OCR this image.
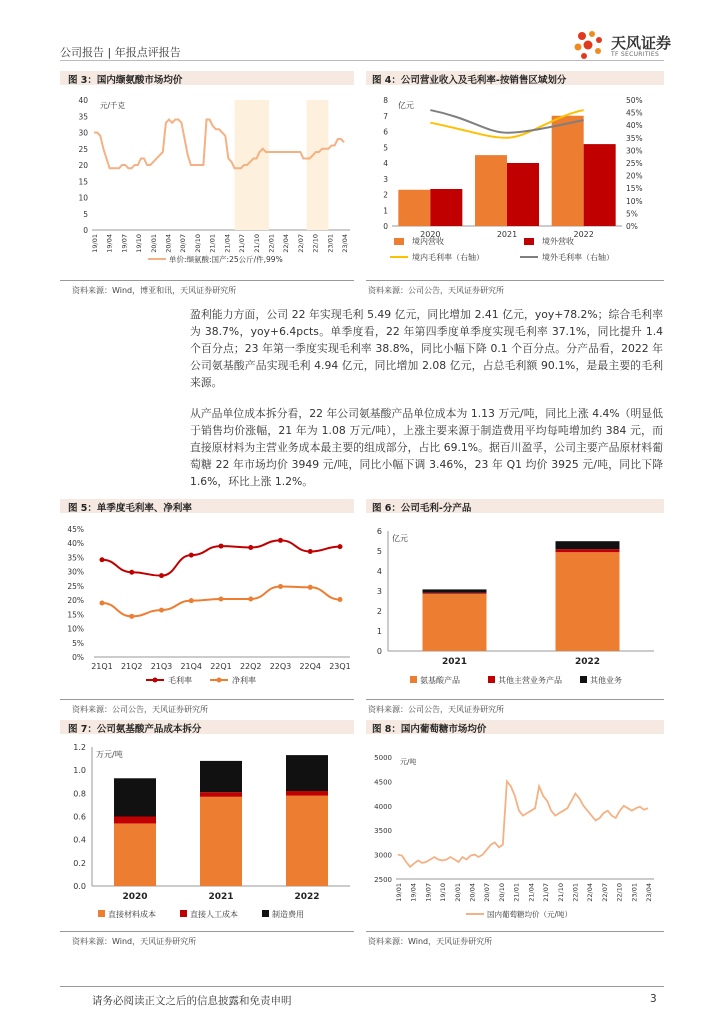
公司报告 | 年报点评报告
天风证券
TF SECURITIES
图 3：国内缬氨酸市场均价
0
5
10
15
20
25
30
35
40
元/千克
19/01 19/04 19/07 19/10 20/01 20/04 20/07 20/10 21/01 21/04 21/07 21/10 22/01 22/04 22/07 22/10 23/01 23/04
单价:缬氨酸:国产:25公斤/件,99%
资料来源：Wind，博亚和讯，天风证券研究所
图 4：公司营业收入及毛利率-按销售区域划分
0
1
2
3
4
5
6
7
8
0%
5%
10%
15%
20%
25%
30%
35%
40%
45%
50%
亿元
2020	2021	2022
境内营收	境外营收
境内毛利率（右轴）	境外毛利率（右轴）
资料来源：公司公告，天风证券研究所

盈利能力方面，公司 22 年实现毛利 5.49 亿元，同比增加 2.41 亿元，yoy+78.2%；综合毛利率为 38.7%，yoy+6.4pcts。单季度看，22 年第四季度单季度实现毛利率 37.1%，同比提升 1.4 个百分点；23 年第一季度实现毛利率 38.8%，同比小幅下降 0.1 个百分点。分产品看，2022 年公司氨基酸产品实现毛利 4.94 亿元，同比增加 2.08 亿元，占总毛利额 90.1%，是最主要的毛利来源。

从产品单位成本拆分看，22 年公司氨基酸产品单位成本为 1.13 万元/吨，同比上涨 4.4%（明显低于销售均价涨幅，21 年为 1.08 万元/吨），上涨主要来源于制造费用平均每吨增加约 384 元，而直接原材料为主营业务成本最主要的组成部分，占比 69.1%。据百川盈孚，公司主要产品原材料葡萄糖 22 年市场均价 3949 元/吨，同比小幅下调 3.46%，23 年 Q1 均价 3925 元/吨，同比下降 1.6%，环比上涨 1.2%。

图 5：单季度毛利率、净利率
0%
5%
10%
15%
20%
25%
30%
35%
40%
45%
21Q1 21Q2 21Q3 21Q4 22Q1 22Q2 22Q3 22Q4 23Q1
毛利率	净利率
资料来源：公司公告，天风证券研究所
图 6：公司毛利-分产品
0
1
2
3
4
5
6
亿元
2021	2022
氨基酸产品	其他主营业务产品	其他业务
资料来源：公司公告，天风证券研究所
图 7：公司氨基酸产品成本拆分
0.0
0.2
0.4
0.6
0.8
1.0
1.2
万元/吨
2020	2021	2022
直接材料成本	直接人工成本	制造费用
资料来源：Wind，天风证券研究所
图 8：国内葡萄糖市场均价
2500
3000
3500
4000
4500
5000 元/吨
19/01 19/04 19/07 19/10 20/01 20/04 20/07 20/10 21/01 21/04 21/07 21/10 22/01 22/04 22/07 22/10 23/01 23/04
国内葡萄糖均价（元/吨）
资料来源：Wind，天风证券研究所
请务必阅读正文之后的信息披露和免责申明	3
